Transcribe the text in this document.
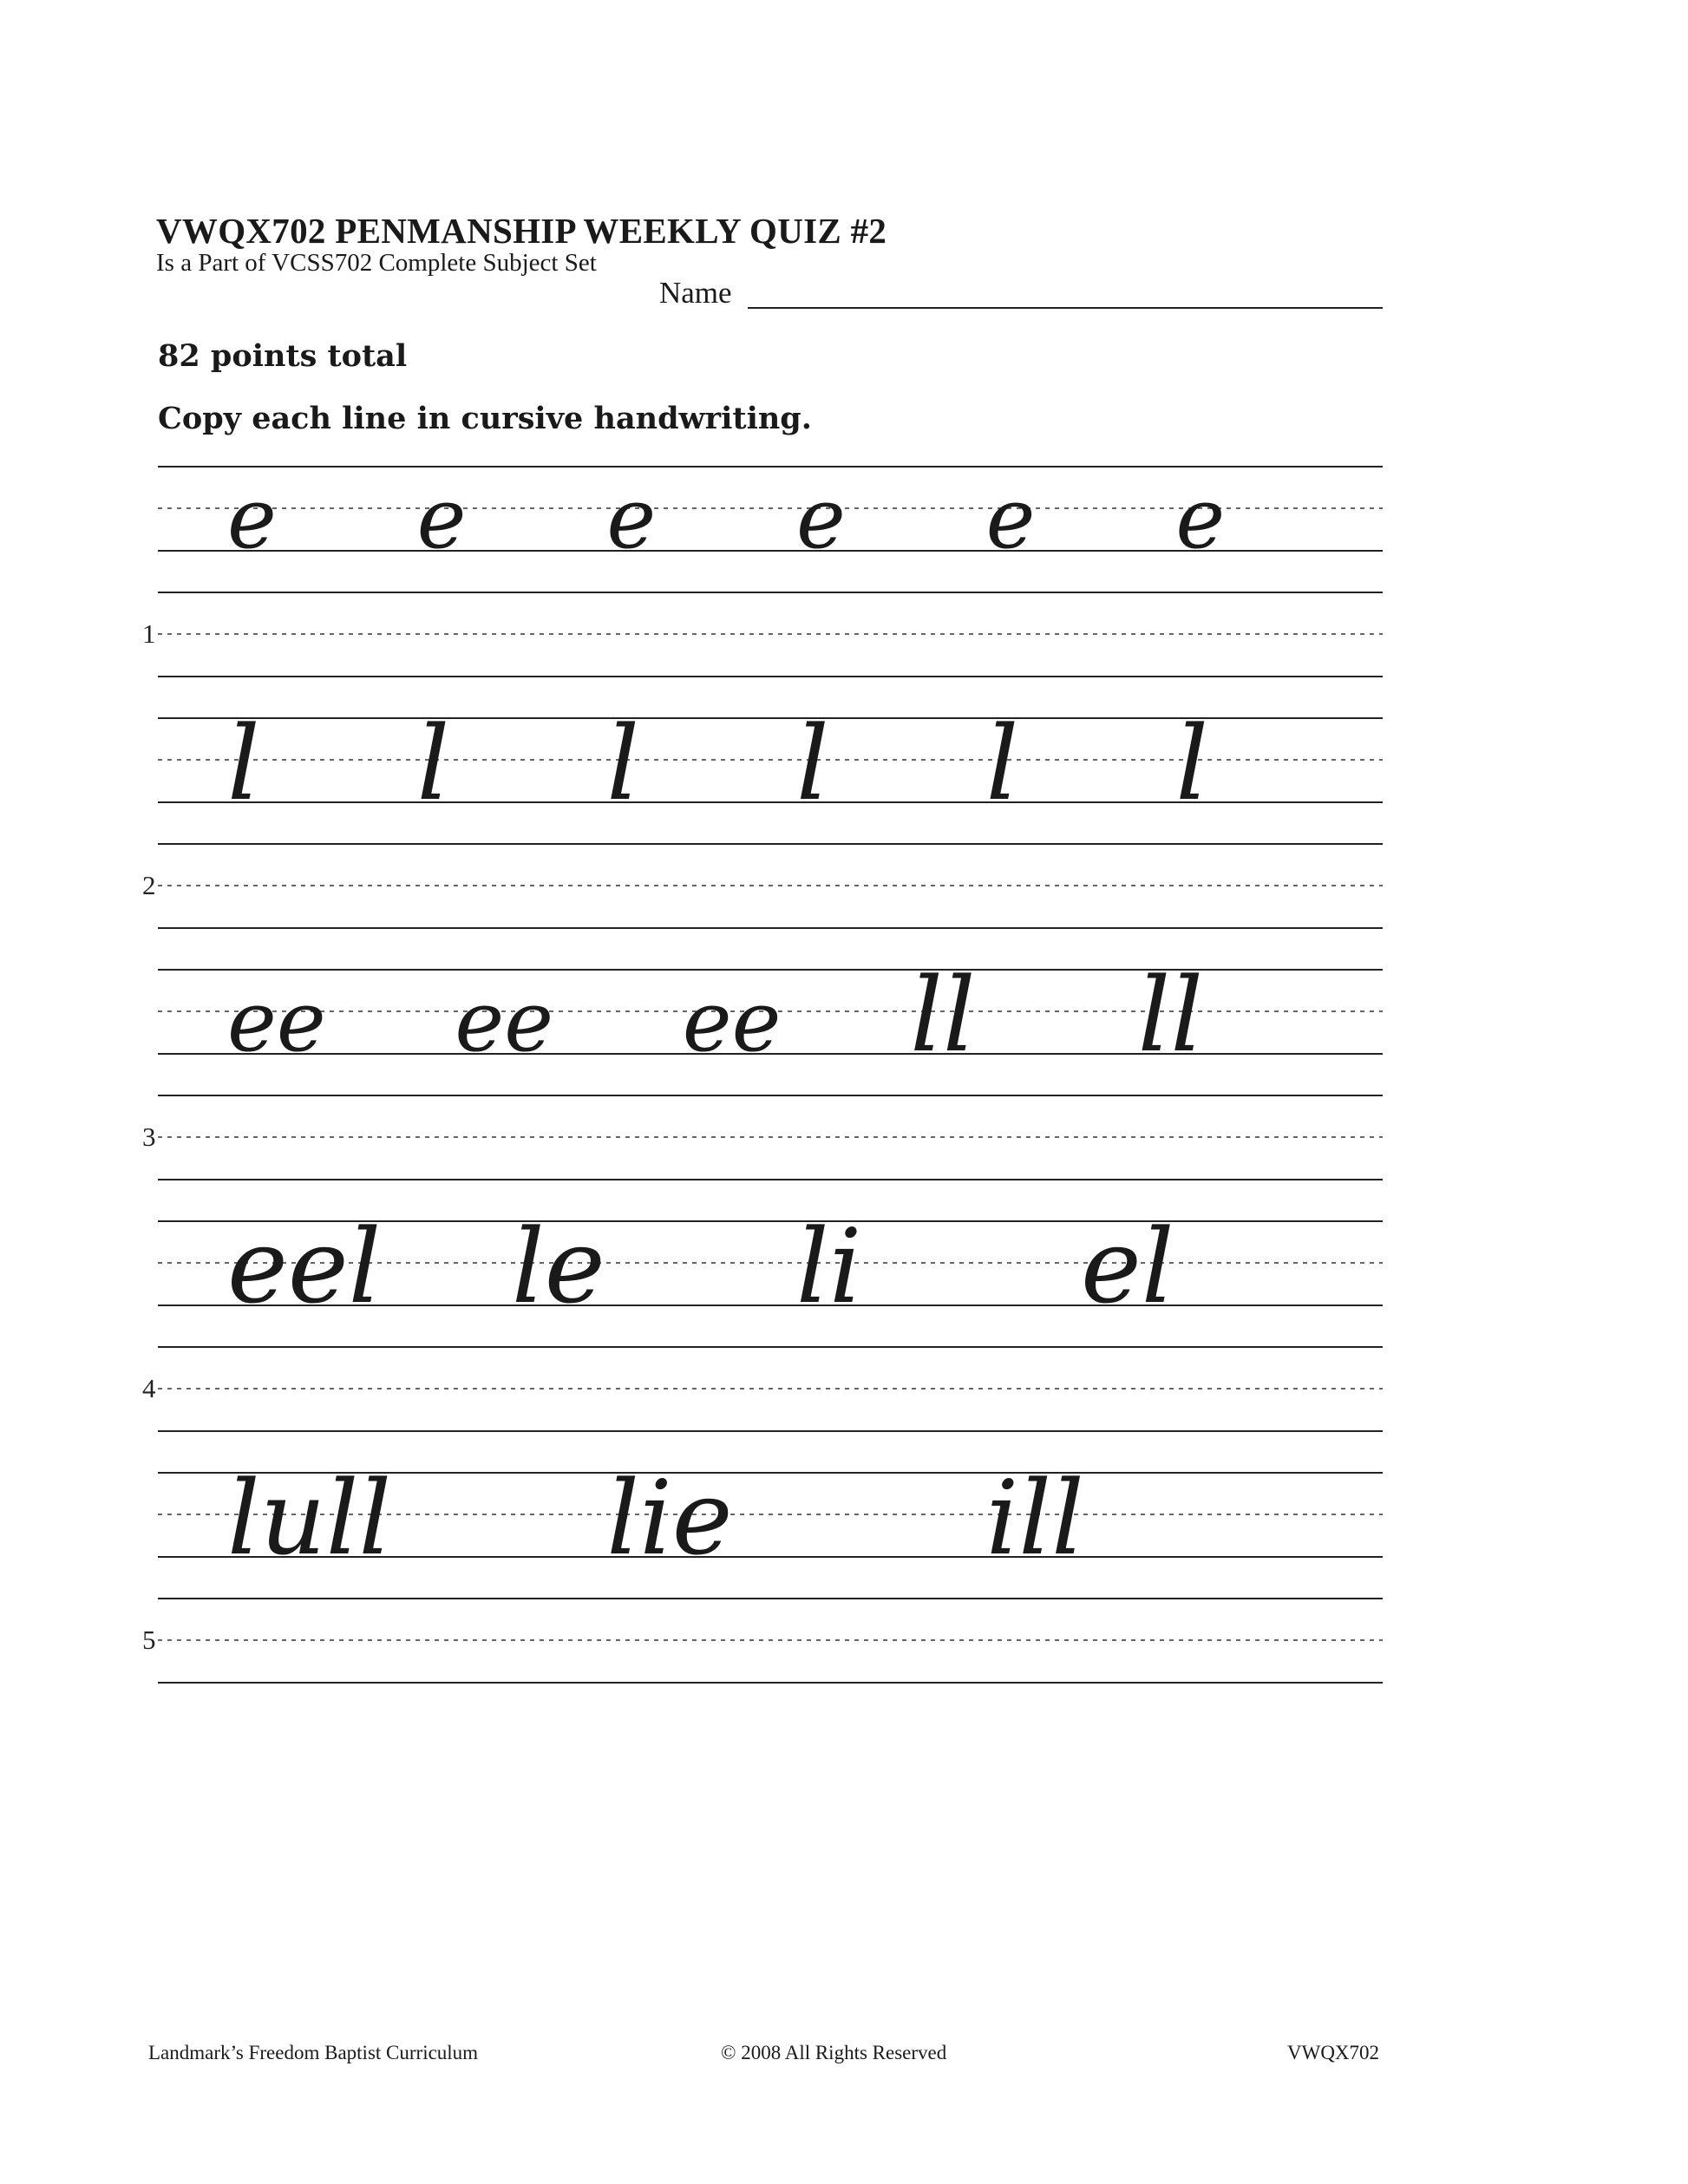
VWQX702 PENMANSHIP WEEKLY QUIZ #2
Is a Part of VCSS702 Complete Subject Set
Name
82 points total
Copy each line in cursive handwriting.
e e e e e e
1
l l l l l l
2
ee ee ee ll ll
3
eel le li el
4
lull lie ill
5
Landmark’s Freedom Baptist Curriculum	© 2008 All Rights Reserved	VWQX702
